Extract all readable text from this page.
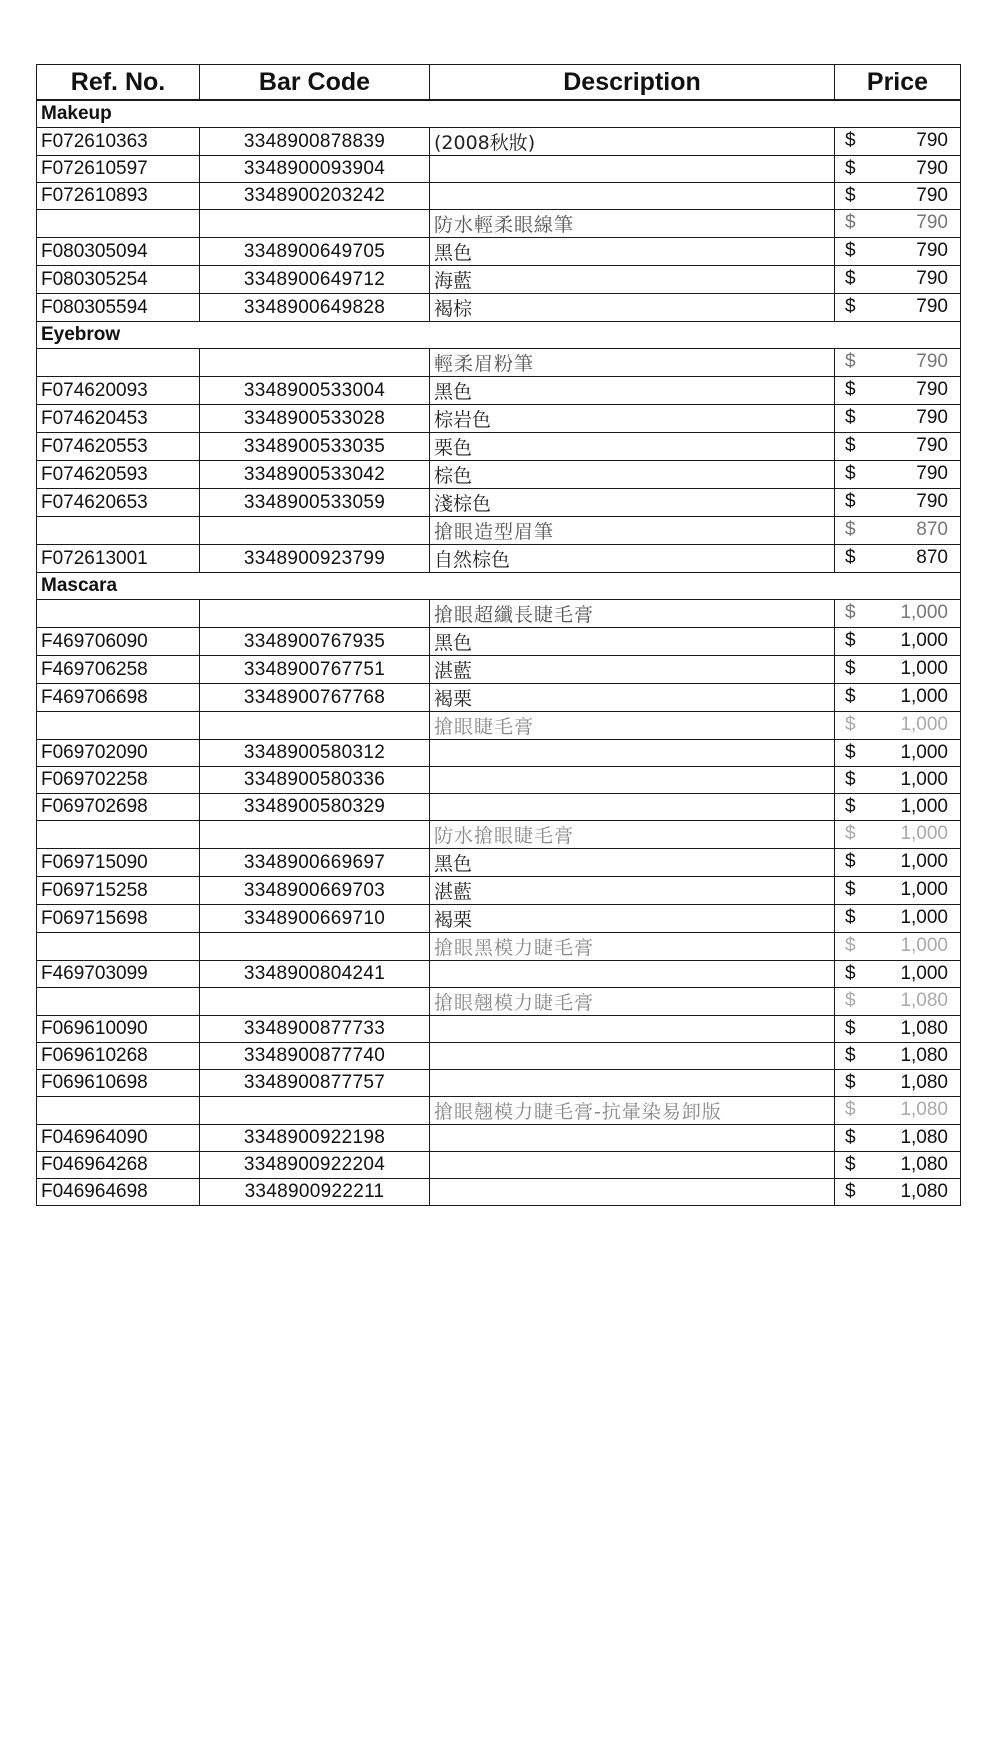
Ref. No.	Bar Code	Description	Price
Makeup			
F072610363	3348900878839	(2008秋妝)	$ 790

F072610597	3348900093904		$ 790

F072610893	3348900203242		$ 790

		防水輕柔眼線筆	$ 790

F080305094	3348900649705	黑色	$ 790

F080305254	3348900649712	海藍	$ 790

F080305594	3348900649828	褐棕	$ 790

Eyebrow			
		輕柔眉粉筆	$ 790

F074620093	3348900533004	黑色	$ 790

F074620453	3348900533028	棕岩色	$ 790

F074620553	3348900533035	栗色	$ 790

F074620593	3348900533042	棕色	$ 790

F074620653	3348900533059	淺棕色	$ 790

		搶眼造型眉筆	$ 870

F072613001	3348900923799	自然棕色	$ 870

Mascara			
		搶眼超纖長睫毛膏	$ 1,000

F469706090	3348900767935	黑色	$ 1,000

F469706258	3348900767751	湛藍	$ 1,000

F469706698	3348900767768	褐栗	$ 1,000

		搶眼睫毛膏	$ 1,000

F069702090	3348900580312		$ 1,000

F069702258	3348900580336		$ 1,000

F069702698	3348900580329		$ 1,000

		防水搶眼睫毛膏	$ 1,000

F069715090	3348900669697	黑色	$ 1,000

F069715258	3348900669703	湛藍	$ 1,000

F069715698	3348900669710	褐栗	$ 1,000

		搶眼黑模力睫毛膏	$ 1,000

F469703099	3348900804241		$ 1,000

		搶眼翹模力睫毛膏	$ 1,080

F069610090	3348900877733		$ 1,080

F069610268	3348900877740		$ 1,080

F069610698	3348900877757		$ 1,080

		搶眼翹模力睫毛膏-抗暈染易卸版	$ 1,080

F046964090	3348900922198		$ 1,080

F046964268	3348900922204		$ 1,080

F046964698	3348900922211		$ 1,080
